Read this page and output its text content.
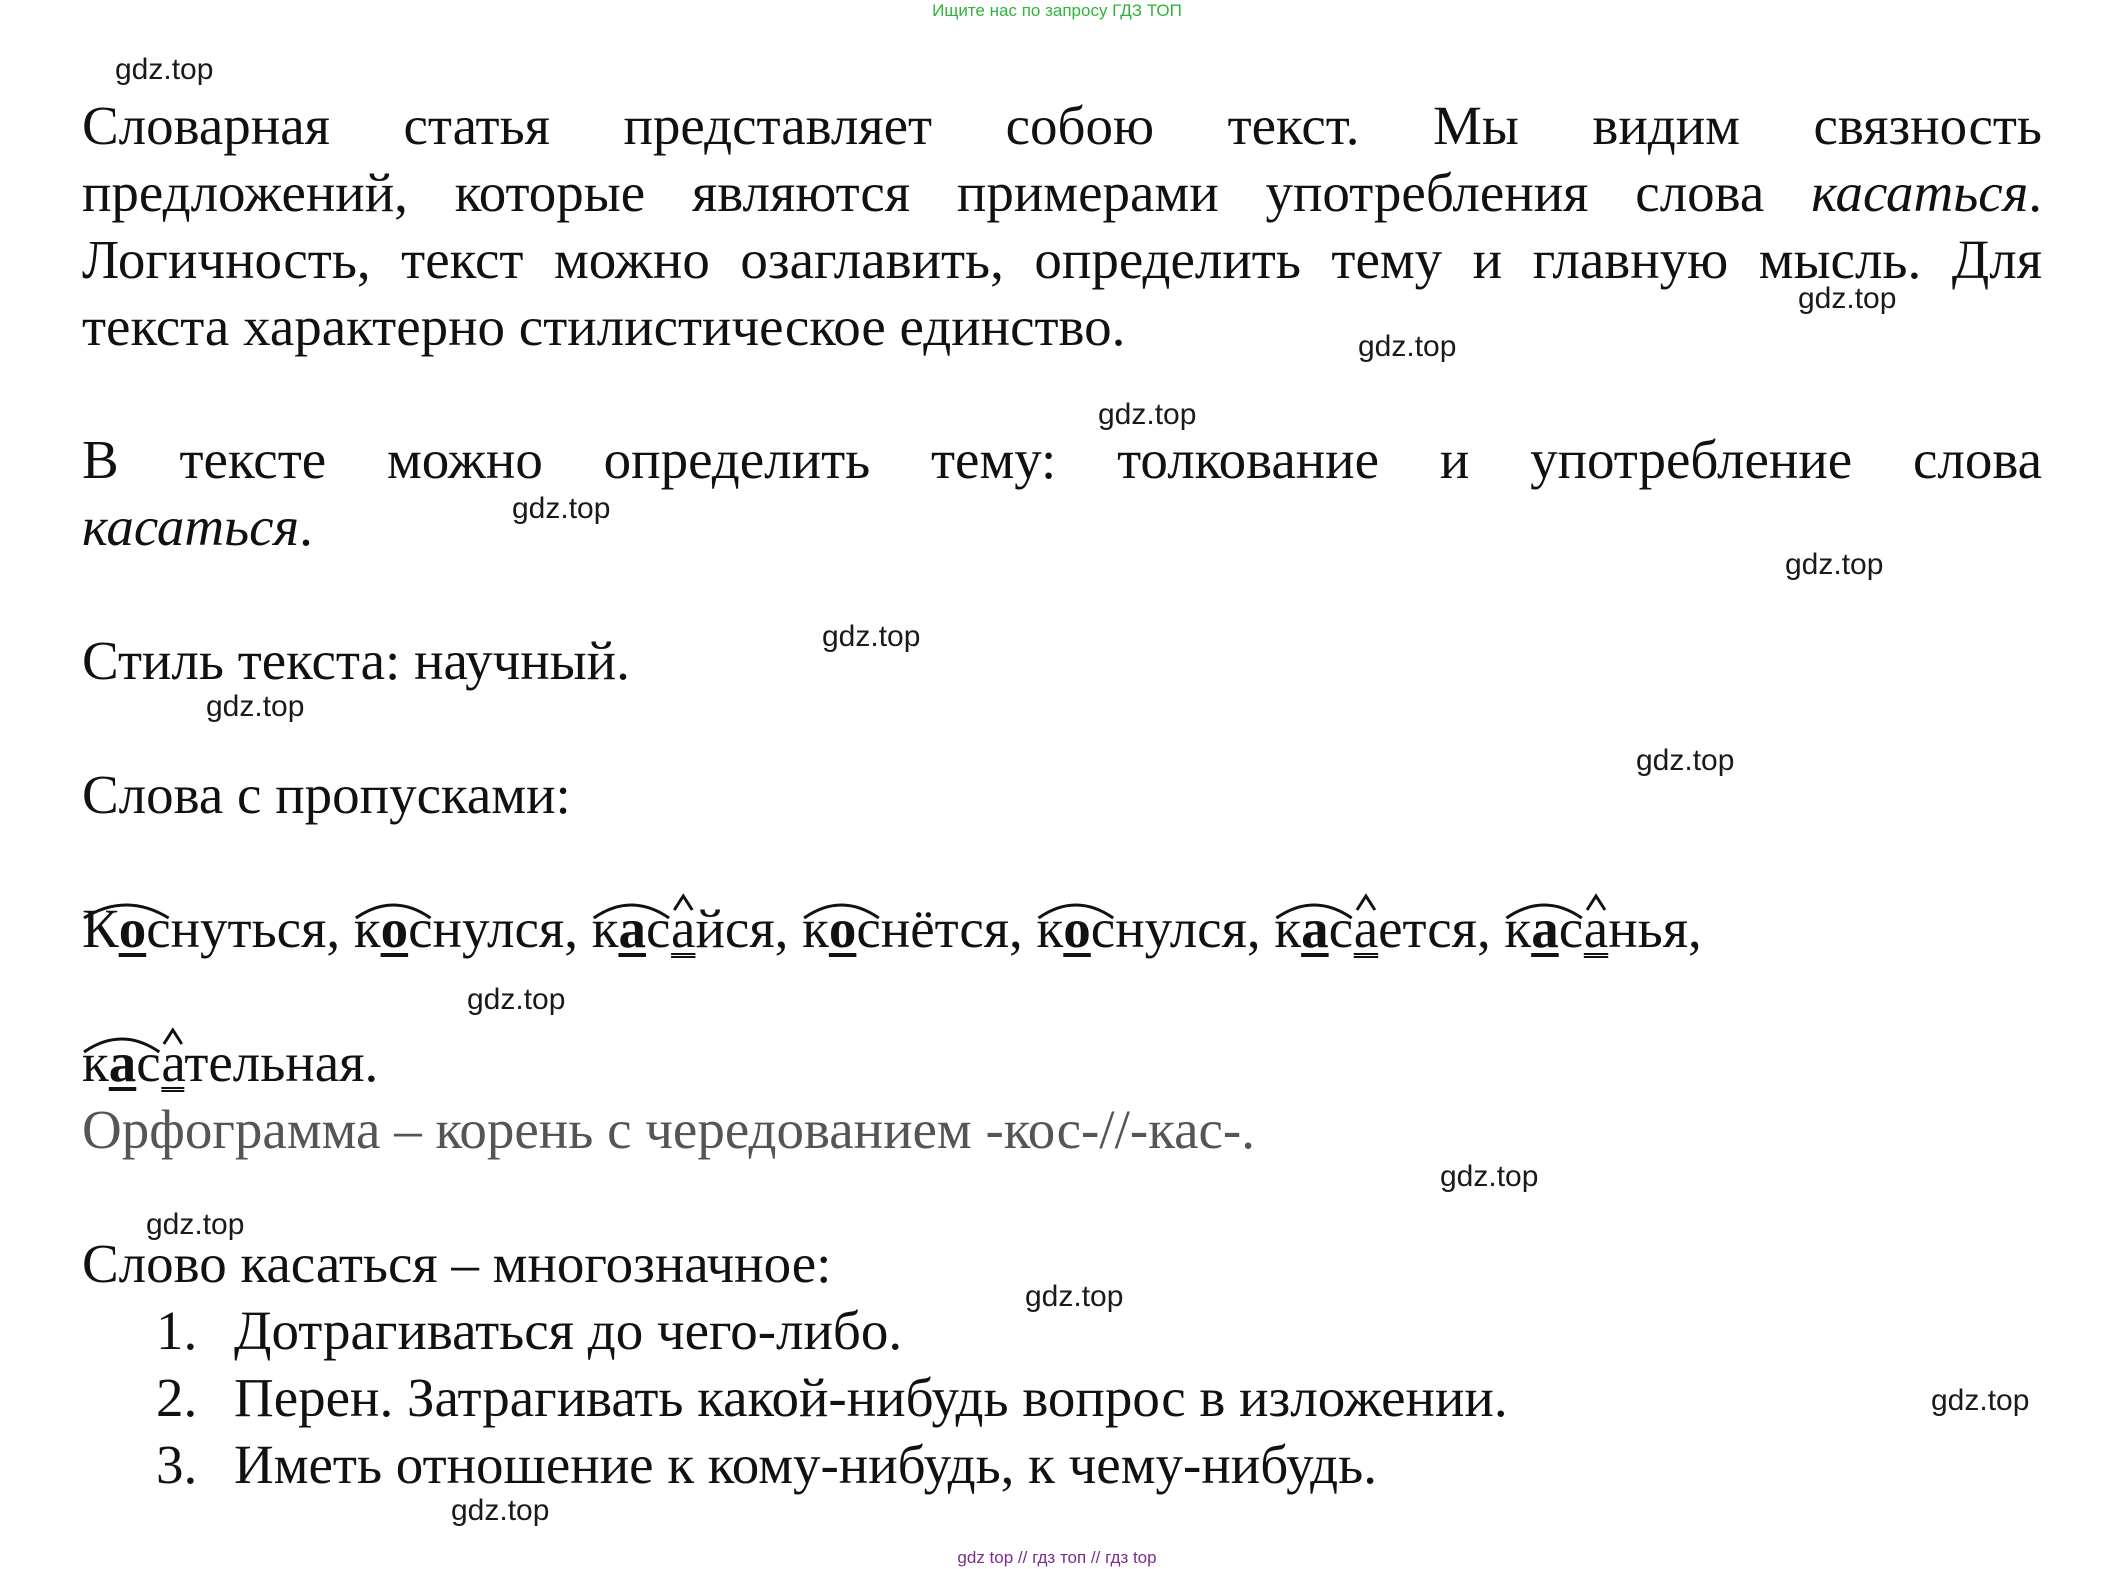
Ищите нас по запросу ГДЗ ТОП
Словарная статья представляет собою текст. Мы видим связность
предложений, которые являются примерами употребления слова касаться.
Логичность, текст можно озаглавить, определить тему и главную мысль. Для
текста характерно стилистическое единство.
В тексте можно определить тему: толкование и употребление слова
касаться.
Стиль текста: научный.
Слова с пропусками:
Коснуться, коснулся, касайся, коснётся, коснулся, касается, касанья,
касательная.
Орфограмма – корень с чередованием -кос-//-кас-.
Слово касаться – многозначное:
1. Дотрагиваться до чего-либо.
2. Перен. Затрагивать какой-нибудь вопрос в изложении.
3. Иметь отношение к кому-нибудь, к чему-нибудь.
gdz.top
gdz.top
gdz.top
gdz.top
gdz.top
gdz.top
gdz.top
gdz.top
gdz.top
gdz.top
gdz.top
gdz.top
gdz.top
gdz.top
gdz.top
gdz top // гдз топ // гдз top
